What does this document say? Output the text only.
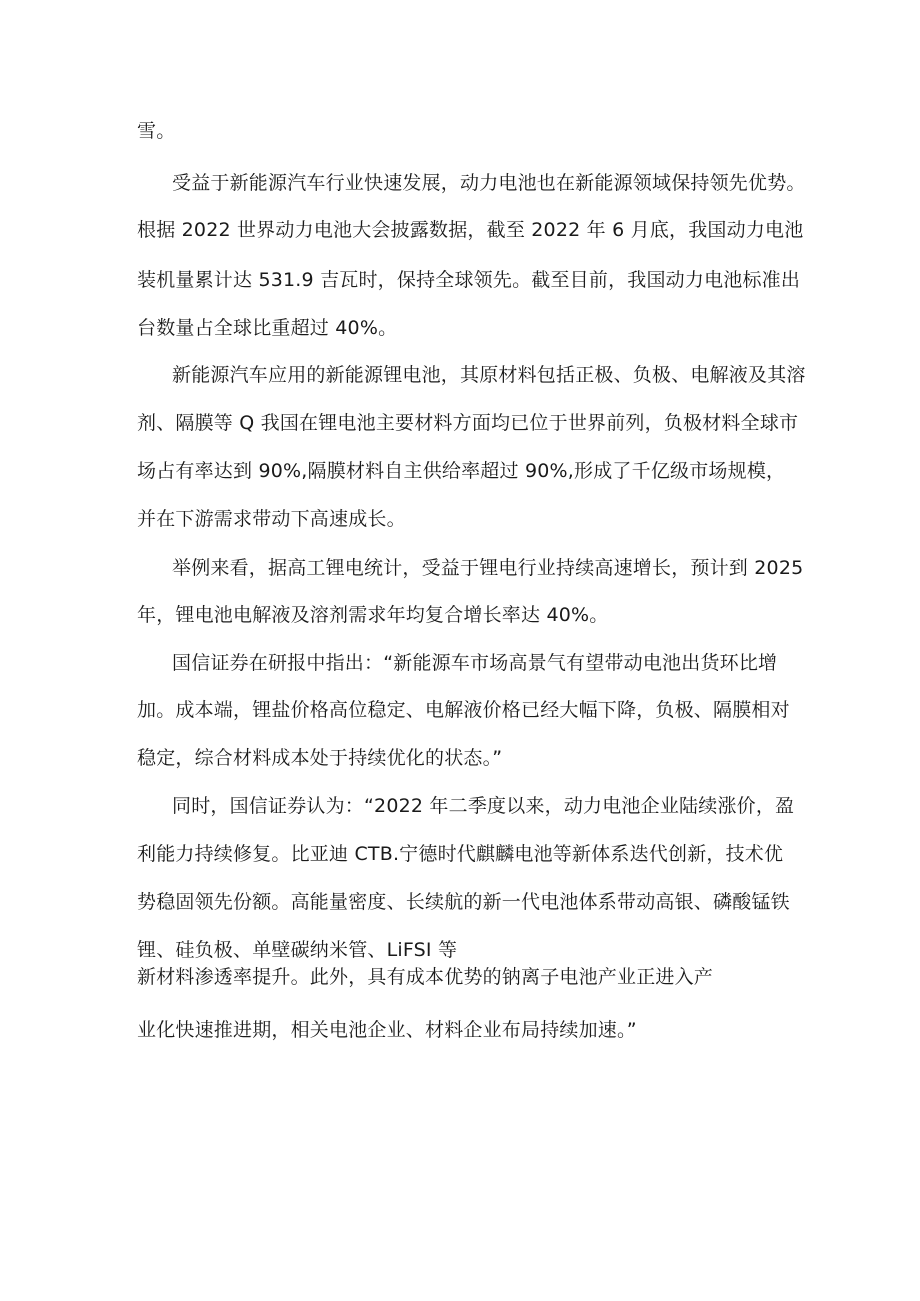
雪。
受益于新能源汽车行业快速发展，动力电池也在新能源领域保持领先优势。
根据 2022 世界动力电池大会披露数据，截至 2022 年 6 月底，我国动力电池
装机量累计达 531.9 吉瓦时，保持全球领先。截至目前，我国动力电池标准出
台数量占全球比重超过 40%。
新能源汽车应用的新能源锂电池，其原材料包括正极、负极、电解液及其溶
剂、隔膜等 Q 我国在锂电池主要材料方面均已位于世界前列，负极材料全球市
场占有率达到 90%,隔膜材料自主供给率超过 90%,形成了千亿级市场规模，
并在下游需求带动下高速成长。
举例来看，据高工锂电统计，受益于锂电行业持续高速增长，预计到 2025
年，锂电池电解液及溶剂需求年均复合增长率达 40%。
国信证券在研报中指出：“新能源车市场高景气有望带动电池出货环比增
加。成本端，锂盐价格高位稳定、电解液价格已经大幅下降，负极、隔膜相对
稳定，综合材料成本处于持续优化的状态。”
同时，国信证券认为：“2022 年二季度以来，动力电池企业陆续涨价，盈
利能力持续修复。比亚迪 CTB.宁德时代麒麟电池等新体系迭代创新，技术优
势稳固领先份额。高能量密度、长续航的新一代电池体系带动高银、磷酸锰铁
锂、硅负极、单壁碳纳米管、LiFSI 等
新材料渗透率提升。此外，具有成本优势的钠离子电池产业正进入产
业化快速推进期，相关电池企业、材料企业布局持续加速。”
